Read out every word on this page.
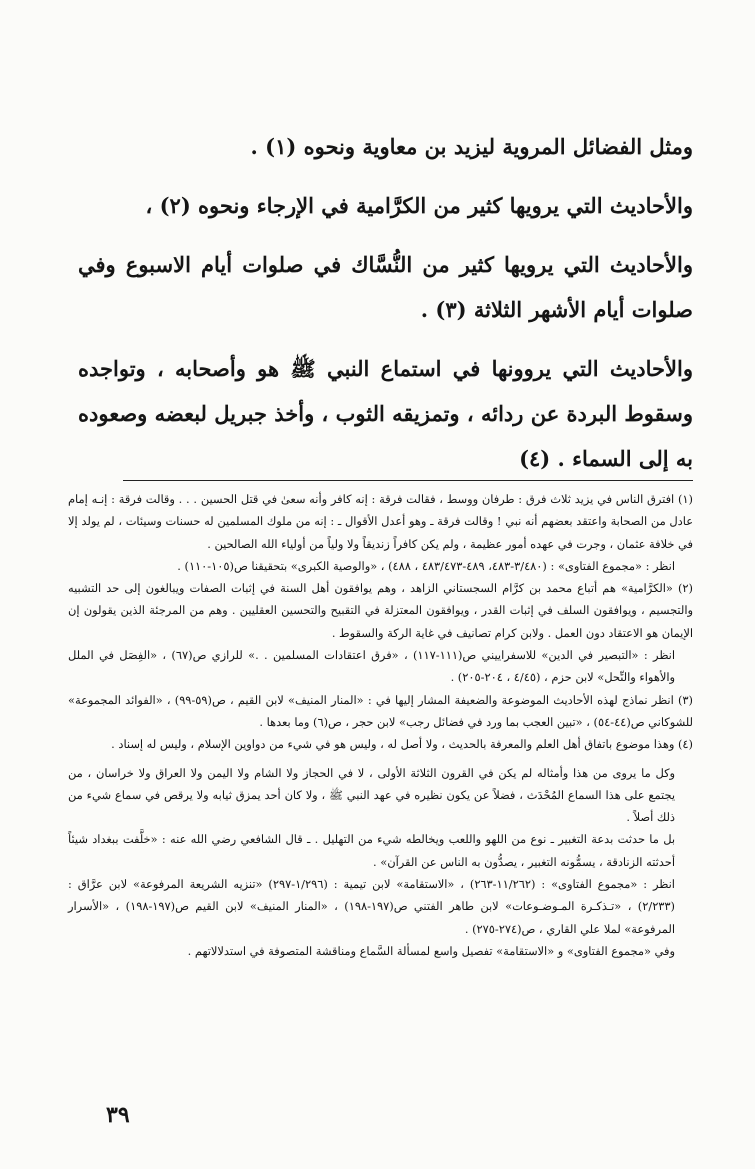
ومثل الفضائل المروية ليزيد بن معاوية ونحوه (١) .

والأحاديث التي يرويها كثير من الكرَّامية في الإرجاء ونحوه (٢) ،

والأحاديث التي يرويها كثير من النُّسَّاك في صلوات أيام الاسبوع وفي صلوات أيام الأشهر الثلاثة (٣) .

والأحاديث التي يروونها في استماع النبي ﷺ هو وأصحابه ، وتواجده وسقوط البردة عن ردائه ، وتمزيقه الثوب ، وأخذ جبريل لبعضه وصعوده به إلى السماء . (٤)

(١) افترق الناس في يزيد ثلاث فرق : طرفان ووسط ، فقالت فرقة : إنه كافر وأنه سعىٰ في قتل الحسين . . . وقالت فرقة : إنـه إمام عادل من الصحابة واعتقد بعضهم أنه نبي ! وقالت فرقة ـ وهو أعدل الأقوال ـ : إنه من ملوك المسلمين له حسنات وسيئات ، لم يولد إلا في خلافة عثمان ، وجرت في عهده أمور عظيمة ، ولم يكن كافراً زنديقاً ولا ولياً من أولياء الله الصالحين .

انظر : «مجموع الفتاوى» : (٣/٤٨٠-٤٨٣، ٤٨٩-٤٨٣/٤٧٣ ، ٤٨٨) ، «والوصية الكبرى» بتحقيقنا ص(١٠٥-١١٠) .

(٢) «الكرَّامية» هم أتباع محمد بن كرَّام السجستاني الزاهد ، وهم يوافقون أهل السنة في إثبات الصفات ويبالغون إلى حد التشبيه والتجسيم ، ويوافقون السلف في إثبات القدر ، ويوافقون المعتزلة في التقبيح والتحسين العقليين . وهم من المرجئة الذين يقولون إن الإيمان هو الاعتقاد دون العمل . ولابن كرام تصانيف في غاية الركة والسقوط .

انظر : «التبصير في الدين» للاسفراييني ص(١١١-١١٧) ، «فرق اعتقادات المسلمين . .» للرازي ص(٦٧) ، «الفِصَل في الملل والأهواء والنِّحل» لابن حزم ، (٤/٤٥ ، ٢٠٤-٢٠٥) .

(٣) انظر نماذج لهذه الأحاديث الموضوعة والضعيفة المشار إليها في : «المنار المنيف» لابن القيم ، ص(٥٩-٩٩) ، «الفوائد المجموعة» للشوكاني ص(٤٤-٥٤) ، «تبين العجب بما ورد في فضائل رجب» لابن حجر ، ص(٦) وما بعدها .

(٤) وهذا موضوع باتفاق أهل العلم والمعرفة بالحديث ، ولا أصل له ، وليس هو في شيء من دواوين الإسلام ، وليس له إسناد .

وكل ما يروى من هذا وأمثاله لم يكن في القرون الثلاثة الأولى ، لا في الحجاز ولا الشام ولا اليمن ولا العراق ولا خراسان ، من يجتمع على هذا السماع المُحْدَث ، فضلاً عن يكون نظيره في عهد النبي ﷺ ، ولا كان أحد يمزق ثيابه ولا يرقص في سماع شيء من ذلك أصلاً .

بل ما حدثت بدعة التغبير ـ نوع من اللهو واللعب ويخالطه شيء من التهليل . ـ قال الشافعي رضي الله عنه : «خلَّفت ببغداد شيئاً أحدثته الزنادقة ، يسمُّونه التغبير ، يصدُّون به الناس عن القرآن» .

انظر : «مجموع الفتاوى» : (١١/٢٦٢-٢٦٣) ، «الاستقامة» لابن تيمية : (١/٢٩٦-٢٩٧) «تنزيه الشريعة المرفوعة» لابن عرَّاق : (٢/٢٣٣) ، «تـذكـرة المـوضـوعات» لابن طاهر الفتني ص(١٩٧-١٩٨) ، «المنار المنيف» لابن القيم ص(١٩٧-١٩٨) ، «الأسرار المرفوعة» لملا علي القاري ، ص(٢٧٤-٢٧٥) .

وفي «مجموع الفتاوى» و «الاستقامة» تفصيل واسع لمسألة السَّماع ومناقشة المتصوفة في استدلالاتهم .

٣٩
